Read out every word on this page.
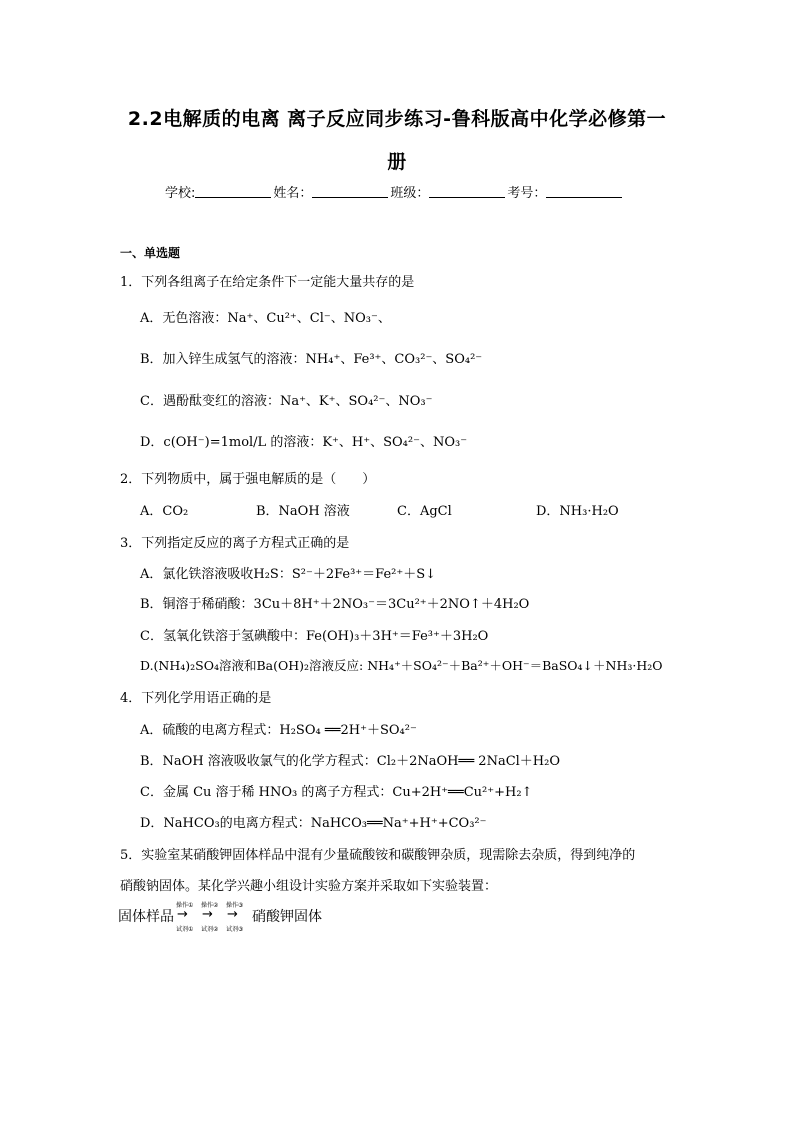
2.2电解质的电离 离子反应同步练习-鲁科版高中化学必修第一
册
学校:	姓名：	班级：	考号：
一、单选题
1．下列各组离子在给定条件下一定能大量共存的是
A．无色溶液：Na⁺、Cu²⁺、Cl⁻、NO₃⁻、
B．加入锌生成氢气的溶液：NH₄⁺、Fe³⁺、CO₃²⁻、SO₄²⁻
C．遇酚酞变红的溶液：Na⁺、K⁺、SO₄²⁻、NO₃⁻
D．c(OH⁻)=1mol/L 的溶液：K⁺、H⁺、SO₄²⁻、NO₃⁻
2．下列物质中，属于强电解质的是（　　）
A．CO₂	B．NaOH 溶液	C．AgCl	D．NH₃·H₂O
3．下列指定反应的离子方程式正确的是
A．氯化铁溶液吸收H₂S：S²⁻＋2Fe³⁺＝Fe²⁺＋S↓
B．铜溶于稀硝酸：3Cu＋8H⁺＋2NO₃⁻＝3Cu²⁺＋2NO↑＋4H₂O
C．氢氧化铁溶于氢碘酸中：Fe(OH)₃＋3H⁺＝Fe³⁺＋3H₂O
D.(NH₄)₂SO₄溶液和Ba(OH)₂溶液反应: NH₄⁺＋SO₄²⁻＋Ba²⁺＋OH⁻＝BaSO₄↓＋NH₃·H₂O
4．下列化学用语正确的是
A．硫酸的电离方程式：H₂SO₄ ══2H⁺＋SO₄²⁻
B．NaOH 溶液吸收氯气的化学方程式：Cl₂＋2NaOH══ 2NaCl＋H₂O
C．金属 Cu 溶于稀 HNO₃ 的离子方程式：Cu+2H⁺══Cu²⁺+H₂↑
D．NaHCO₃的电离方程式：NaHCO₃══Na⁺+H⁺+CO₃²⁻
5．实验室某硝酸钾固体样品中混有少量硫酸铵和碳酸钾杂质，现需除去杂质，得到纯净的
硝酸钠固体。某化学兴趣小组设计实验方案并采取如下实验装置：
固体样品
操作① 操作② 操作③
→ → →
试剂① 试剂② 试剂③
硝酸钾固体
